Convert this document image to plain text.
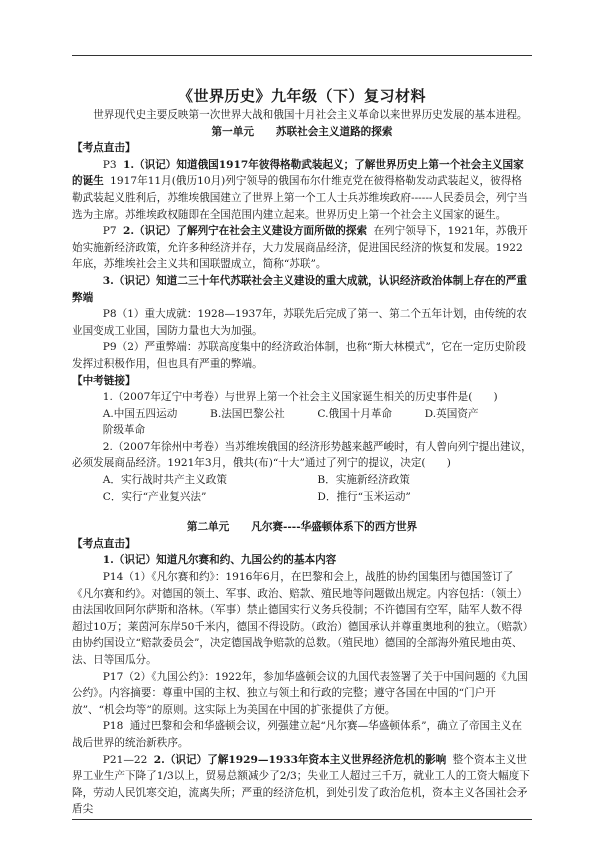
《世界历史》九年级（下）复习材料

世界现代史主要反映第一次世界大战和俄国十月社会主义革命以来世界历史发展的基本进程。

第一单元 苏联社会主义道路的探索

【考点直击】

P3 1.（识记）知道俄国1917年彼得格勒武装起义；了解世界历史上第一个社会主义国家的诞生 1917年11月(俄历10月)列宁领导的俄国布尔什维克党在彼得格勒发动武装起义，彼得格勒武装起义胜利后，苏维埃俄国建立了世界上第一个工人士兵苏维埃政府------人民委员会，列宁当选为主席。苏维埃政权随即在全国范围内建立起来。世界历史上第一个社会主义国家的诞生。

P7 2.（识记）了解列宁在社会主义建设方面所做的探索 在列宁领导下，1921年，苏俄开始实施新经济政策，允许多种经济并存，大力发展商品经济，促进国民经济的恢复和发展。1922年底，苏维埃社会主义共和国联盟成立，简称“苏联”。

3.（识记）知道二三十年代苏联社会主义建设的重大成就，认识经济政治体制上存在的严重弊端

P8（1）重大成就：1928—1937年，苏联先后完成了第一、第二个五年计划，由传统的农业国变成工业国，国防力量也大为加强。

P9（2）严重弊端：苏联高度集中的经济政治体制，也称“斯大林模式”，它在一定历史阶段发挥过积极作用，但也具有严重的弊端。

【中考链接】

1.（2007年辽宁中考卷）与世界上第一个社会主义国家诞生相关的历史事件是(　　)

A.中国五四运动	B.法国巴黎公社	C.俄国十月革命	D.英国资产

阶级革命

2.（2007年徐州中考卷）当苏维埃俄国的经济形势越来越严峻时，有人曾向列宁提出建议，必须发展商品经济。1921年3月，俄共(布)“十大”通过了列宁的提议，决定(　　)

A．实行战时共产主义政策	B．实施新经济政策
C．实行“产业复兴法”	D．推行“玉米运动”

第二单元 凡尔赛----华盛顿体系下的西方世界

【考点直击】

1.（识记）知道凡尔赛和约、九国公约的基本内容

P14（1）《凡尔赛和约》：1916年6月，在巴黎和会上，战胜的协约国集团与德国签订了《凡尔赛和约》。对德国的领土、军事、政治、赔款、殖民地等问题做出规定。内容包括：（领土）由法国收回阿尔萨斯和洛林。（军事）禁止德国实行义务兵役制；不许德国有空军，陆军人数不得超过10万；莱茵河东岸50千米内，德国不得设防。（政治）德国承认并尊重奥地利的独立。（赔款）由协约国设立“赔款委员会”，决定德国战争赔款的总数。（殖民地）德国的全部海外殖民地由英、法、日等国瓜分。

P17（2）《九国公约》：1922年，参加华盛顿会议的九国代表签署了关于中国问题的《九国公约》。内容摘要：尊重中国的主权、独立与领土和行政的完整；遵守各国在中国的“门户开放”、“机会均等”的原则。这实际上为美国在中国的扩张提供了方便。

P18 通过巴黎和会和华盛顿会议，列强建立起“凡尔赛—华盛顿体系”，确立了帝国主义在战后世界的统治新秩序。

P21—22 2.（识记）了解1929—1933年资本主义世界经济危机的影响 整个资本主义世界工业生产下降了1/3以上，贸易总额减少了2/3；失业工人超过三千万，就业工人的工资大幅度下降，劳动人民饥寒交迫，流离失所；严重的经济危机，到处引发了政治危机，资本主义各国社会矛盾尖
